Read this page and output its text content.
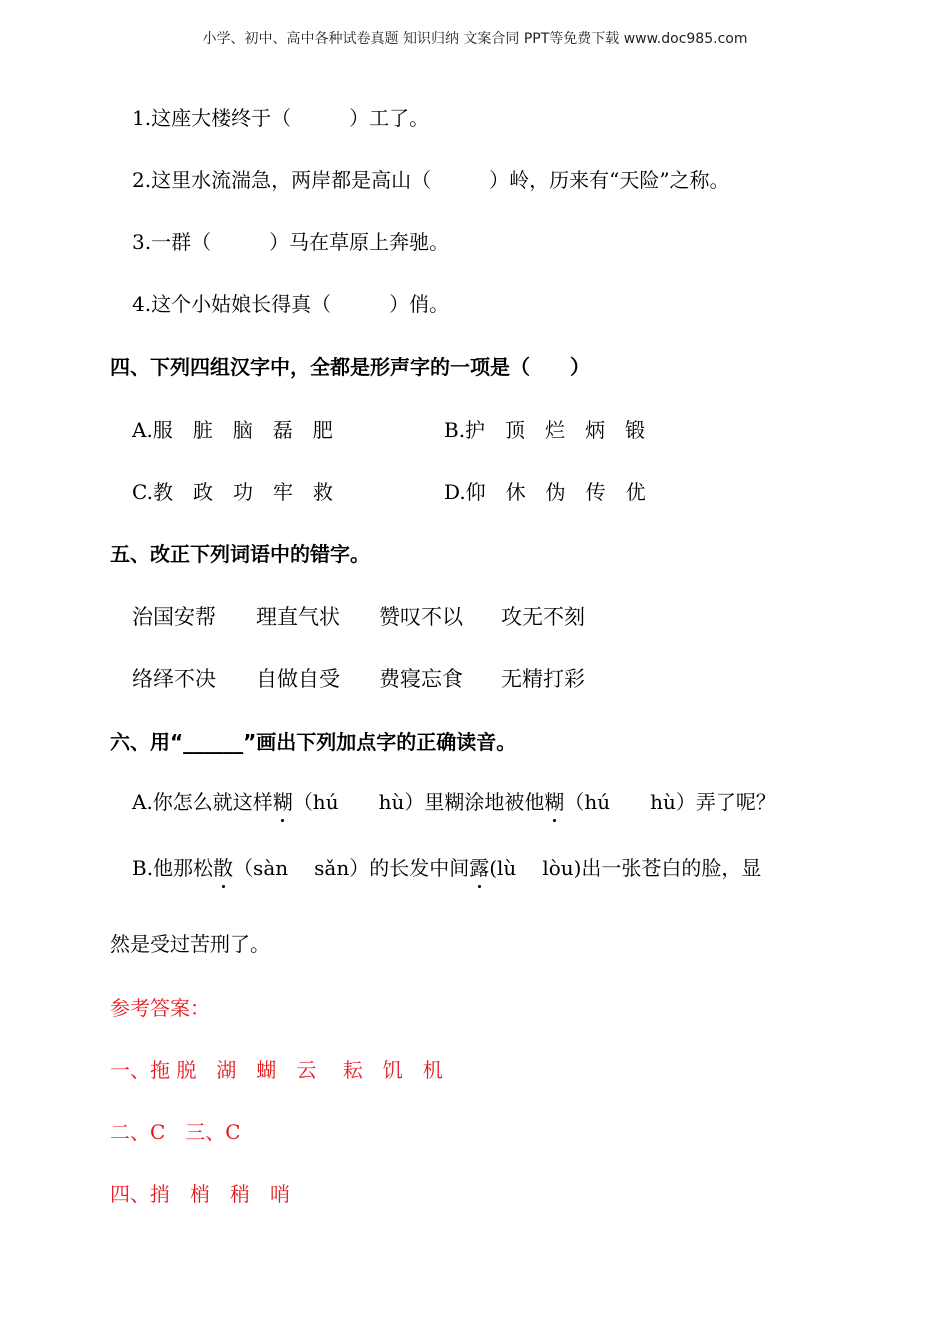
小学、初中、高中各种试卷真题 知识归纳 文案合同 PPT等免费下载 www.doc985.com
1.这座大楼终于（	）工了。
2.这里水流湍急，两岸都是高山（	）岭，历来有“天险”之称。
3.一群（	）马在草原上奔驰。
4.这个小姑娘长得真（	）俏。
四、下列四组汉字中，全都是形声字的一项是（　　）
A.服　脏　脑　磊　肥	B.护　顶　烂　炳　锻
C.教　政　功　牢　救	D.仰　休　伪　传　优
五、改正下列词语中的错字。
治国安帮 理直气状 赞叹不以 攻无不刻
络绎不决 自做自受 费寝忘食 无精打彩
六、用“______”画出下列加点字的正确读音。
A.你怎么就这样糊（hú hù）里糊涂地被他糊（hú hù）弄了呢？
B.他那松散（sàn sǎn）的长发中间露(lù lòu)出一张苍白的脸，显
然是受过苦刑了。
参考答案：
一、拖 脱　湖　蝴　云　 耘　饥　机
二、C　三、C
四、捎　梢　稍　哨
